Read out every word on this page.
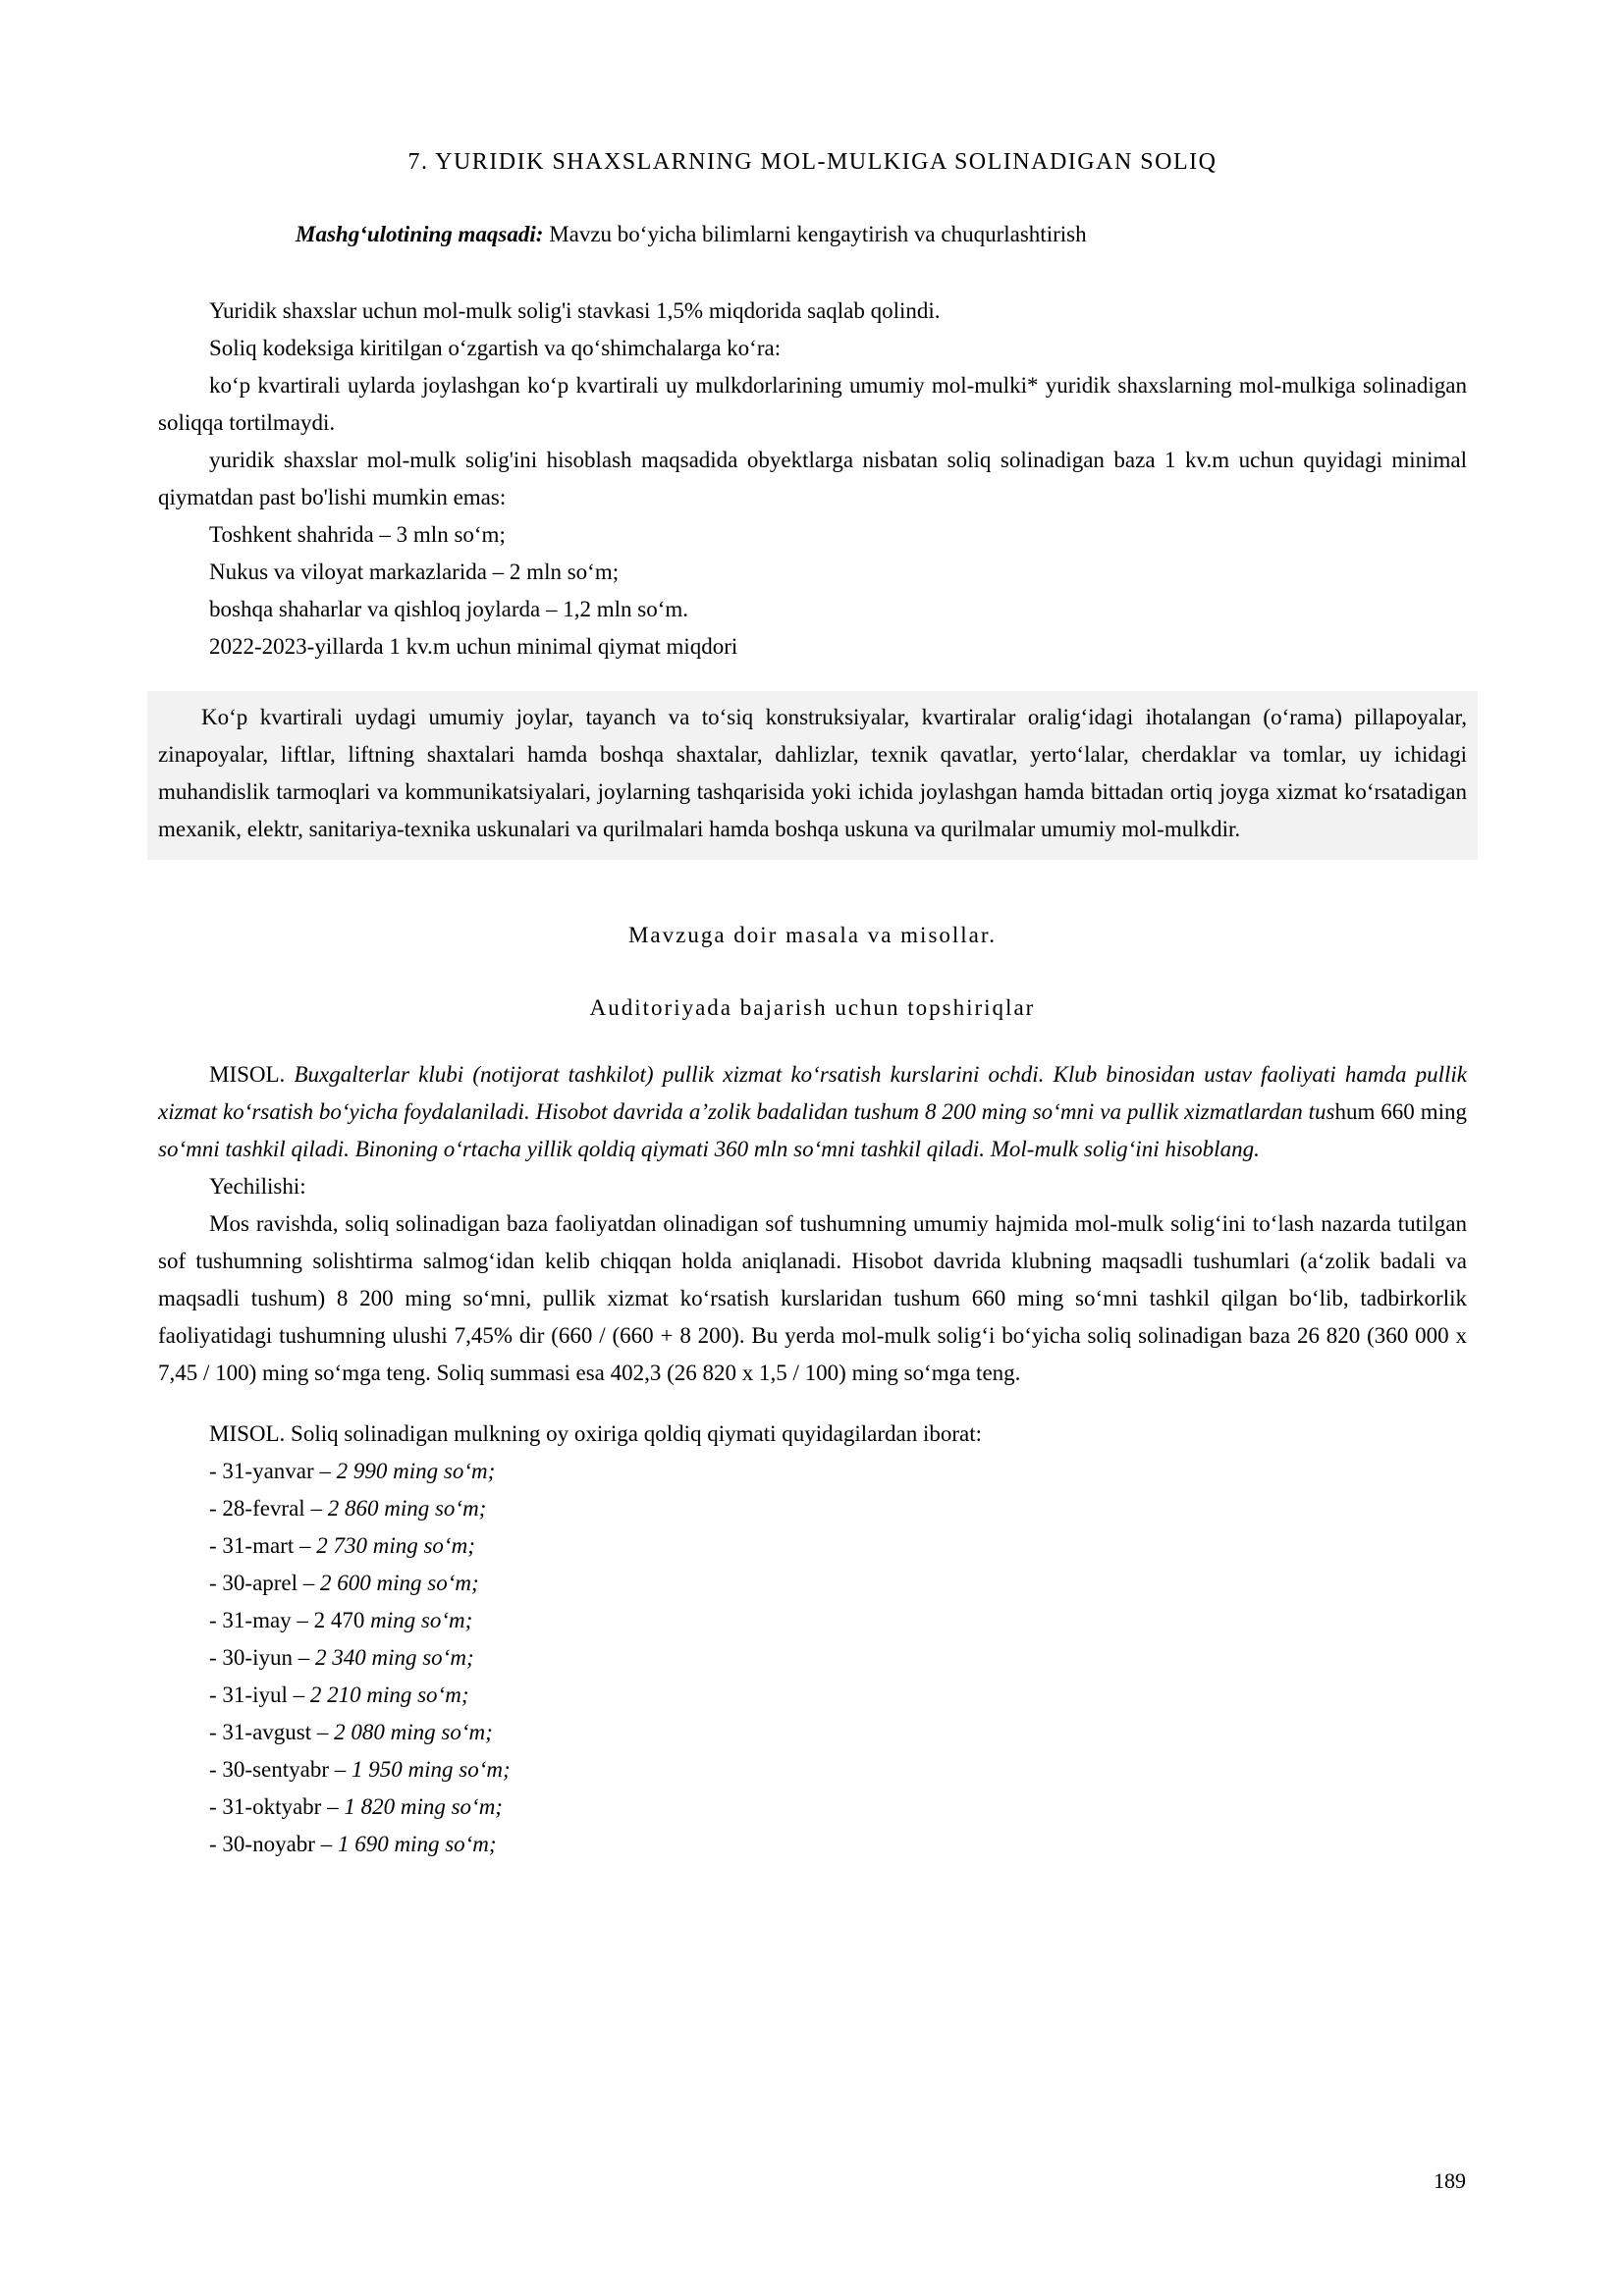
7. YURIDIK SHAXSLARNING MOL-MULKIGA SOLINADIGAN SOLIQ

Mashg‘ulotining maqsadi: Mavzu bo‘yicha bilimlarni kengaytirish va chuqurlashtirish

Yuridik shaxslar uchun mol-mulk solig'i stavkasi 1,5% miqdorida saqlab qolindi.

Soliq kodeksiga kiritilgan o‘zgartish va qo‘shimchalarga ko‘ra:

ko‘p kvartirali uylarda joylashgan ko‘p kvartirali uy mulkdorlarining umumiy mol-mulki* yuridik shaxslarning mol-mulkiga solinadigan soliqqa tortilmaydi.

yuridik shaxslar mol-mulk solig'ini hisoblash maqsadida obyektlarga nisbatan soliq solinadigan baza 1 kv.m uchun quyidagi minimal qiymatdan past bo'lishi mumkin emas:

Toshkent shahrida – 3 mln so‘m;

Nukus va viloyat markazlarida – 2 mln so‘m;

boshqa shaharlar va qishloq joylarda – 1,2 mln so‘m.

2022-2023-yillarda 1 kv.m uchun minimal qiymat miqdori

Ko‘p kvartirali uydagi umumiy joylar, tayanch va to‘siq konstruksiyalar, kvartiralar oralig‘idagi ihotalangan (o‘rama) pillapoyalar, zinapoyalar, liftlar, liftning shaxtalari hamda boshqa shaxtalar, dahlizlar, texnik qavatlar, yerto‘lalar, cherdaklar va tomlar, uy ichidagi muhandislik tarmoqlari va kommunikatsiyalari, joylarning tashqarisida yoki ichida joylashgan hamda bittadan ortiq joyga xizmat ko‘rsatadigan mexanik, elektr, sanitariya-texnika uskunalari va qurilmalari hamda boshqa uskuna va qurilmalar umumiy mol-mulkdir.

Mavzuga doir masala va misollar.
Auditoriyada bajarish uchun topshiriqlar

MISOL. Buxgalterlar klubi (notijorat tashkilot) pullik xizmat ko‘rsatish kurslarini ochdi. Klub binosidan ustav faoliyati hamda pullik xizmat ko‘rsatish bo‘yicha foydalaniladi. Hisobot davrida a’zolik badalidan tushum 8 200 ming so‘mni va pullik xizmatlardan tushum 660 ming so‘mni tashkil qiladi. Binoning o‘rtacha yillik qoldiq qiymati 360 mln so‘mni tashkil qiladi. Mol-mulk solig‘ini hisoblang.

Yechilishi:

Mos ravishda, soliq solinadigan baza faoliyatdan olinadigan sof tushumning umumiy hajmida mol-mulk solig‘ini to‘lash nazarda tutilgan sof tushumning solishtirma salmog‘idan kelib chiqqan holda aniqlanadi. Hisobot davrida klubning maqsadli tushumlari (a‘zolik badali va maqsadli tushum) 8 200 ming so‘mni, pullik xizmat ko‘rsatish kurslaridan tushum 660 ming so‘mni tashkil qilgan bo‘lib, tadbirkorlik faoliyatidagi tushumning ulushi 7,45% dir (660 / (660 + 8 200). Bu yerda mol-mulk solig‘i bo‘yicha soliq solinadigan baza 26 820 (360 000 x 7,45 / 100) ming so‘mga teng. Soliq summasi esa 402,3 (26 820 x 1,5 / 100) ming so‘mga teng.

MISOL. Soliq solinadigan mulkning oy oxiriga qoldiq qiymati quyidagilardan iborat:

- 31-yanvar – 2 990 ming so‘m;

- 28-fevral – 2 860 ming so‘m;

- 31-mart – 2 730 ming so‘m;

- 30-aprel – 2 600 ming so‘m;

- 31-may – 2 470 ming so‘m;

- 30-iyun – 2 340 ming so‘m;

- 31-iyul – 2 210 ming so‘m;

- 31-avgust – 2 080 ming so‘m;

- 30-sentyabr – 1 950 ming so‘m;

- 31-oktyabr – 1 820 ming so‘m;

- 30-noyabr – 1 690 ming so‘m;

189
